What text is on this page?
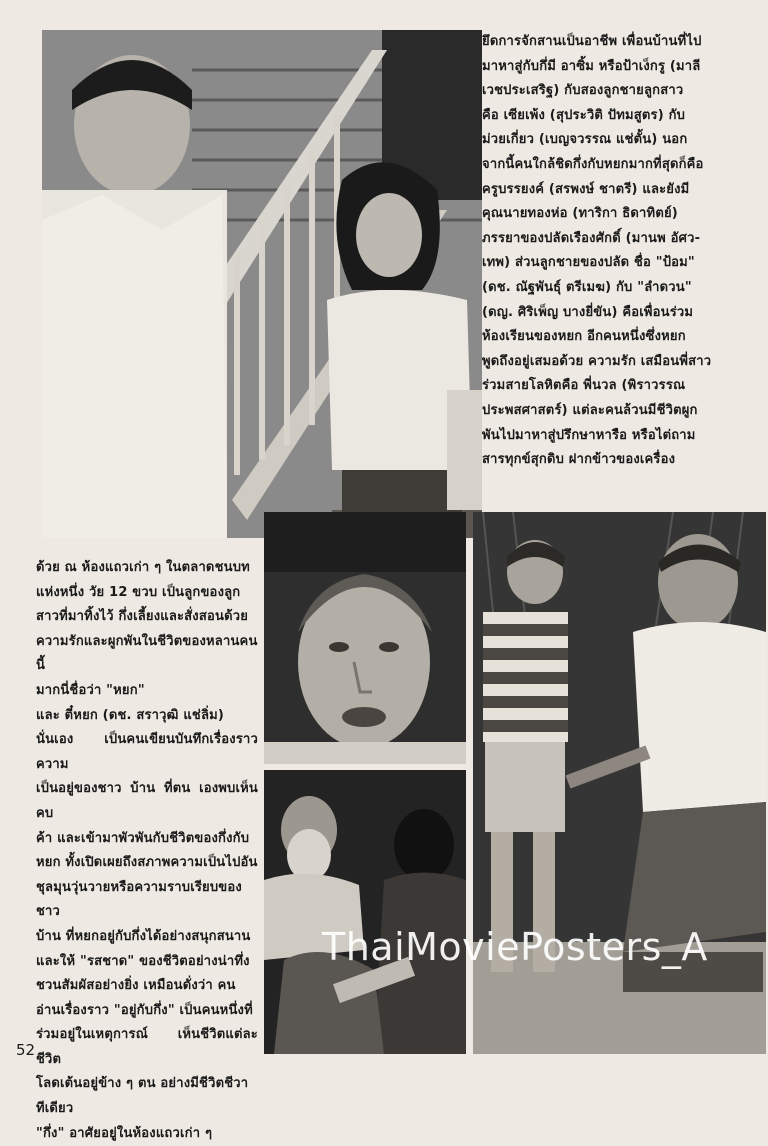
ยึดการจักสานเป็นอาชีพ เพื่อนบ้านที่ไป
มาหาสู่กับกึ่มี อาซิ้ม หรือป้าเง็กรู (มาลี
เวชประเสริฐ) กับสองลูกชายลูกสาว
คือ เซียเพ้ง (สุประวิติ ปัทมสูตร) กับ
ม่วยเกี่ยว (เบญจวรรณ แช่ตั้น) นอก
จากนี้คนใกล้ชิดกึ่งกับหยกมากที่สุดก็คือ
ครูบรรยงค์ (สรพงษ์ ชาตรี) และยังมี
คุณนายทองห่อ (ทาริกา ธิดาทิตย์)
ภรรยาของปลัดเรืองศักดิ์ (มานพ อัศว-
เทพ) ส่วนลูกชายของปลัด ชื่อ "ป้อม"
(ดช. ณัฐพันธุ์ ตรีเมฆ) กับ "ลำดวน"
(ดญ. ศิริเพ็ญ บางยี่ขัน) คือเพื่อนร่วม
ห้องเรียนของหยก อีกคนหนึ่งซึ่งหยก
พูดถึงอยู่เสมอด้วย ความรัก เสมือนพี่สาว
ร่วมสายโลหิตคือ พี่นวล (พิราวรรณ
ประพสศาสตร์) แต่ละคนล้วนมีชีวิตผูก
พันไปมาหาสู่ปรึกษาหารือ หรือไต่ถาม
สารทุกข์สุกดิบ ฝากข้าวของเครื่อง

ด้วย ณ ห้องแถวเก่า ๆ ในตลาดชนบท
แห่งหนึ่ง วัย 12 ขวบ เป็นลูกของลูก
สาวที่มาทิ้งไว้ กึ่งเลี้ยงและสั่งสอนด้วย
ความรักและผูกพันในชีวิตของหลานคนนี้
มากนี่ชื่อว่า "หยก"
และ ตี๋หยก (ดช. สราวุฒิ แช่ลิ่ม)
นั่นเอง เป็นคนเขียนบันทึกเรื่องราวความ
เป็นอยู่ของชาว บ้าน ที่ตน เองพบเห็นคบ
ค้า และเข้ามาพัวพันกับชีวิตของกึ่งกับ
หยก ทั้งเปิดเผยถึงสภาพความเป็นไปอัน
ชุลมุนวุ่นวายหรือความราบเรียบของชาว
บ้าน ที่หยกอยู่กับกึ่งได้อย่างสนุกสนาน
และให้ "รสชาด" ของชีวิตอย่างน่าทึ่ง
ชวนสัมผัสอย่างยิ่ง เหมือนดั่งว่า คน
อ่านเรื่องราว "อยู่กับกึ่ง" เป็นคนหนึ่งที่
ร่วมอยู่ในเหตุการณ์ เห็นชีวิตแต่ละชีวิต
โลดเต้นอยู่ข้าง ๆ ตน อย่างมีชีวิตชีวา
ทีเดียว
"กึ่ง" อาศัยอยู่ในห้องแถวเก่า ๆ

ThaiMoviePosters_A
52
